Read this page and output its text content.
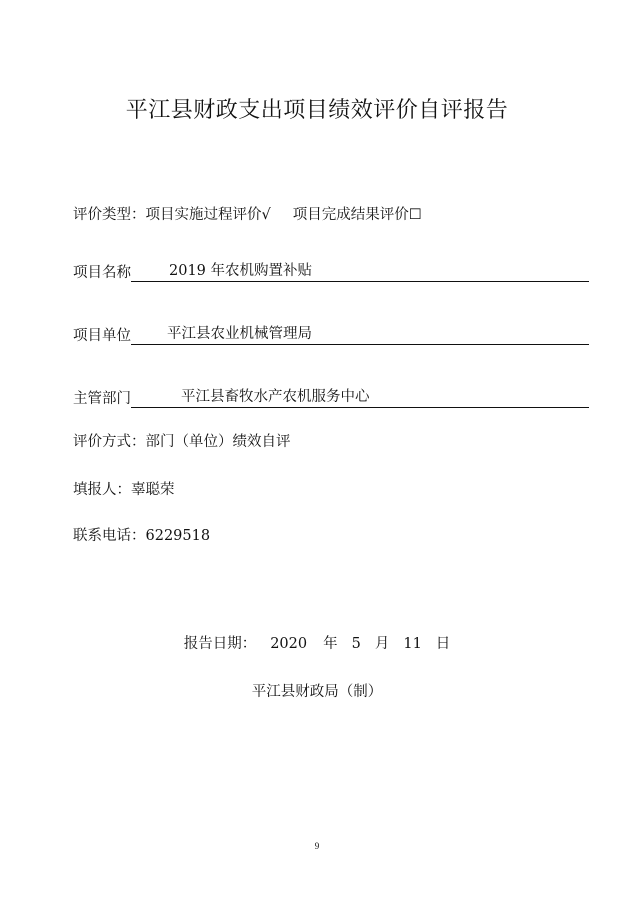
平江县财政支出项目绩效评价自评报告
评价类型：项目实施过程评价√ 项目完成结果评价☐
项目名称	2019 年农机购置补贴
项目单位	平江县农业机械管理局
主管部门	平江县畜牧水产农机服务中心
评价方式：部门（单位）绩效自评
填报人：辜聪荣
联系电话：6229518
报告日期： 2020 年 5 月 11 日
平江县财政局（制）
9
